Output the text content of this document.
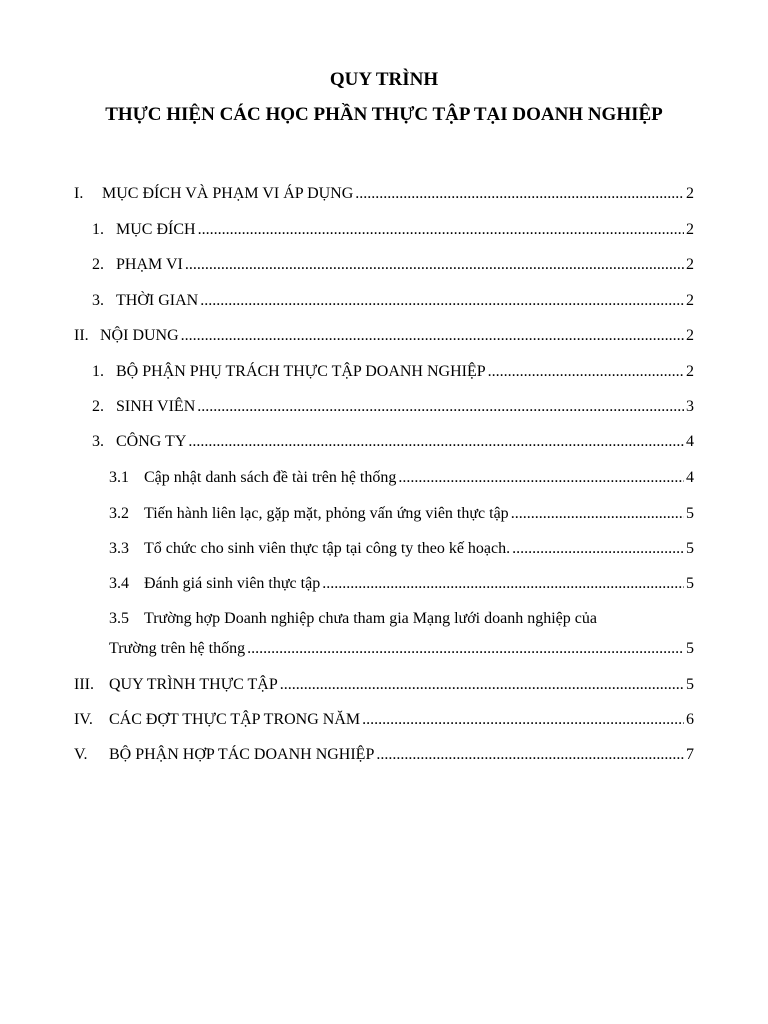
QUY TRÌNH
THỰC HIỆN CÁC HỌC PHẦN THỰC TẬP TẠI DOANH NGHIỆP
I.	MỤC ĐÍCH VÀ PHẠM VI ÁP DỤNG .....	2
1. MỤC ĐÍCH .....	2
2. PHẠM VI .....	2
3. THỜI GIAN .....	2
II. NỘI DUNG .....	2
1. BỘ PHẬN PHỤ TRÁCH THỰC TẬP DOANH NGHIỆP .....	2
2. SINH VIÊN .....	3
3. CÔNG TY .....	4
3.1 Cập nhật danh sách đề tài trên hệ thống .....	4
3.2 Tiến hành liên lạc, gặp mặt, phỏng vấn ứng viên thực tập .....	5
3.3 Tổ chức cho sinh viên thực tập tại công ty theo kế hoạch. .....	5
3.4 Đánh giá sinh viên thực tập .....	5
3.5 Trường hợp Doanh nghiệp chưa tham gia Mạng lưới doanh nghiệp của
Trường trên hệ thống .....	5
III. QUY TRÌNH THỰC TẬP .....	5
IV.	CÁC ĐỢT THỰC TẬP TRONG NĂM .....	6
V.	BỘ PHẬN HỢP TÁC DOANH NGHIỆP .....	7
